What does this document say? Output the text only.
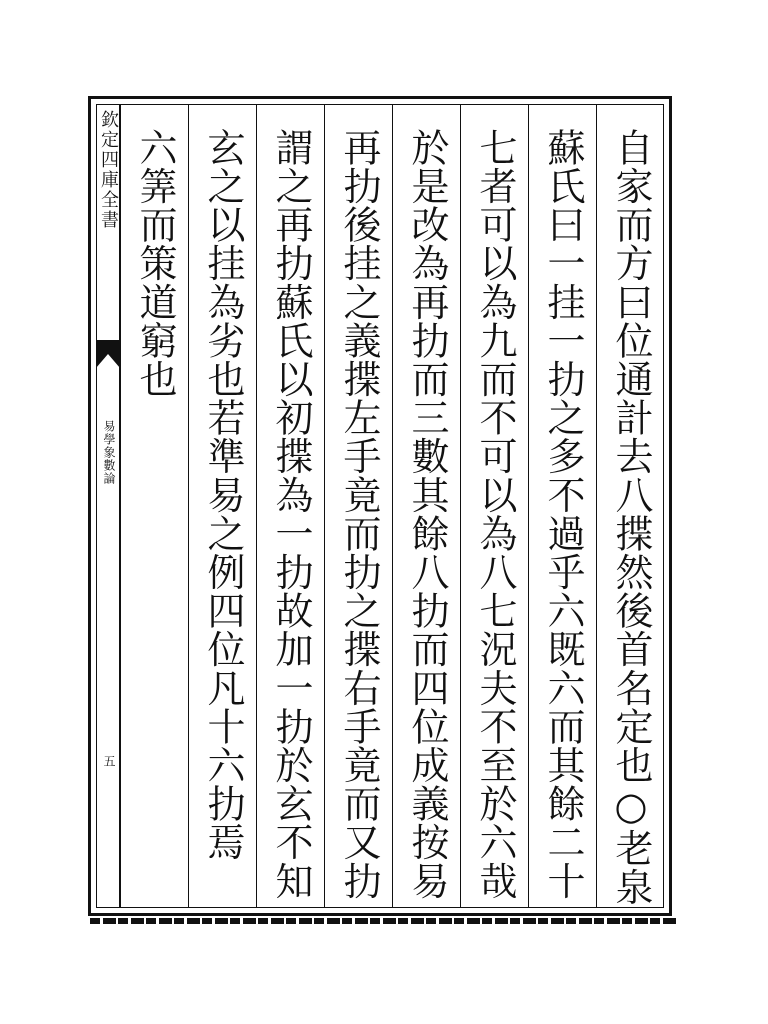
欽定四庫全書
易學象數論
五	自家而方曰位通計去八揲然後首名定也○老泉
蘇氏曰一挂一扐之多不過乎六既六而其餘二十
七者可以為九而不可以為八七況夫不至於六哉
於是改為再扐而三數其餘八扐而四位成義按易
再扐後挂之義揲左手竟而扐之揲右手竟而又扐
謂之再扐蘇氏以初揲為一扐故加一扐於玄不知
玄之以挂為劣也若準易之例四位凡十六扐焉
六筭而策道窮也
